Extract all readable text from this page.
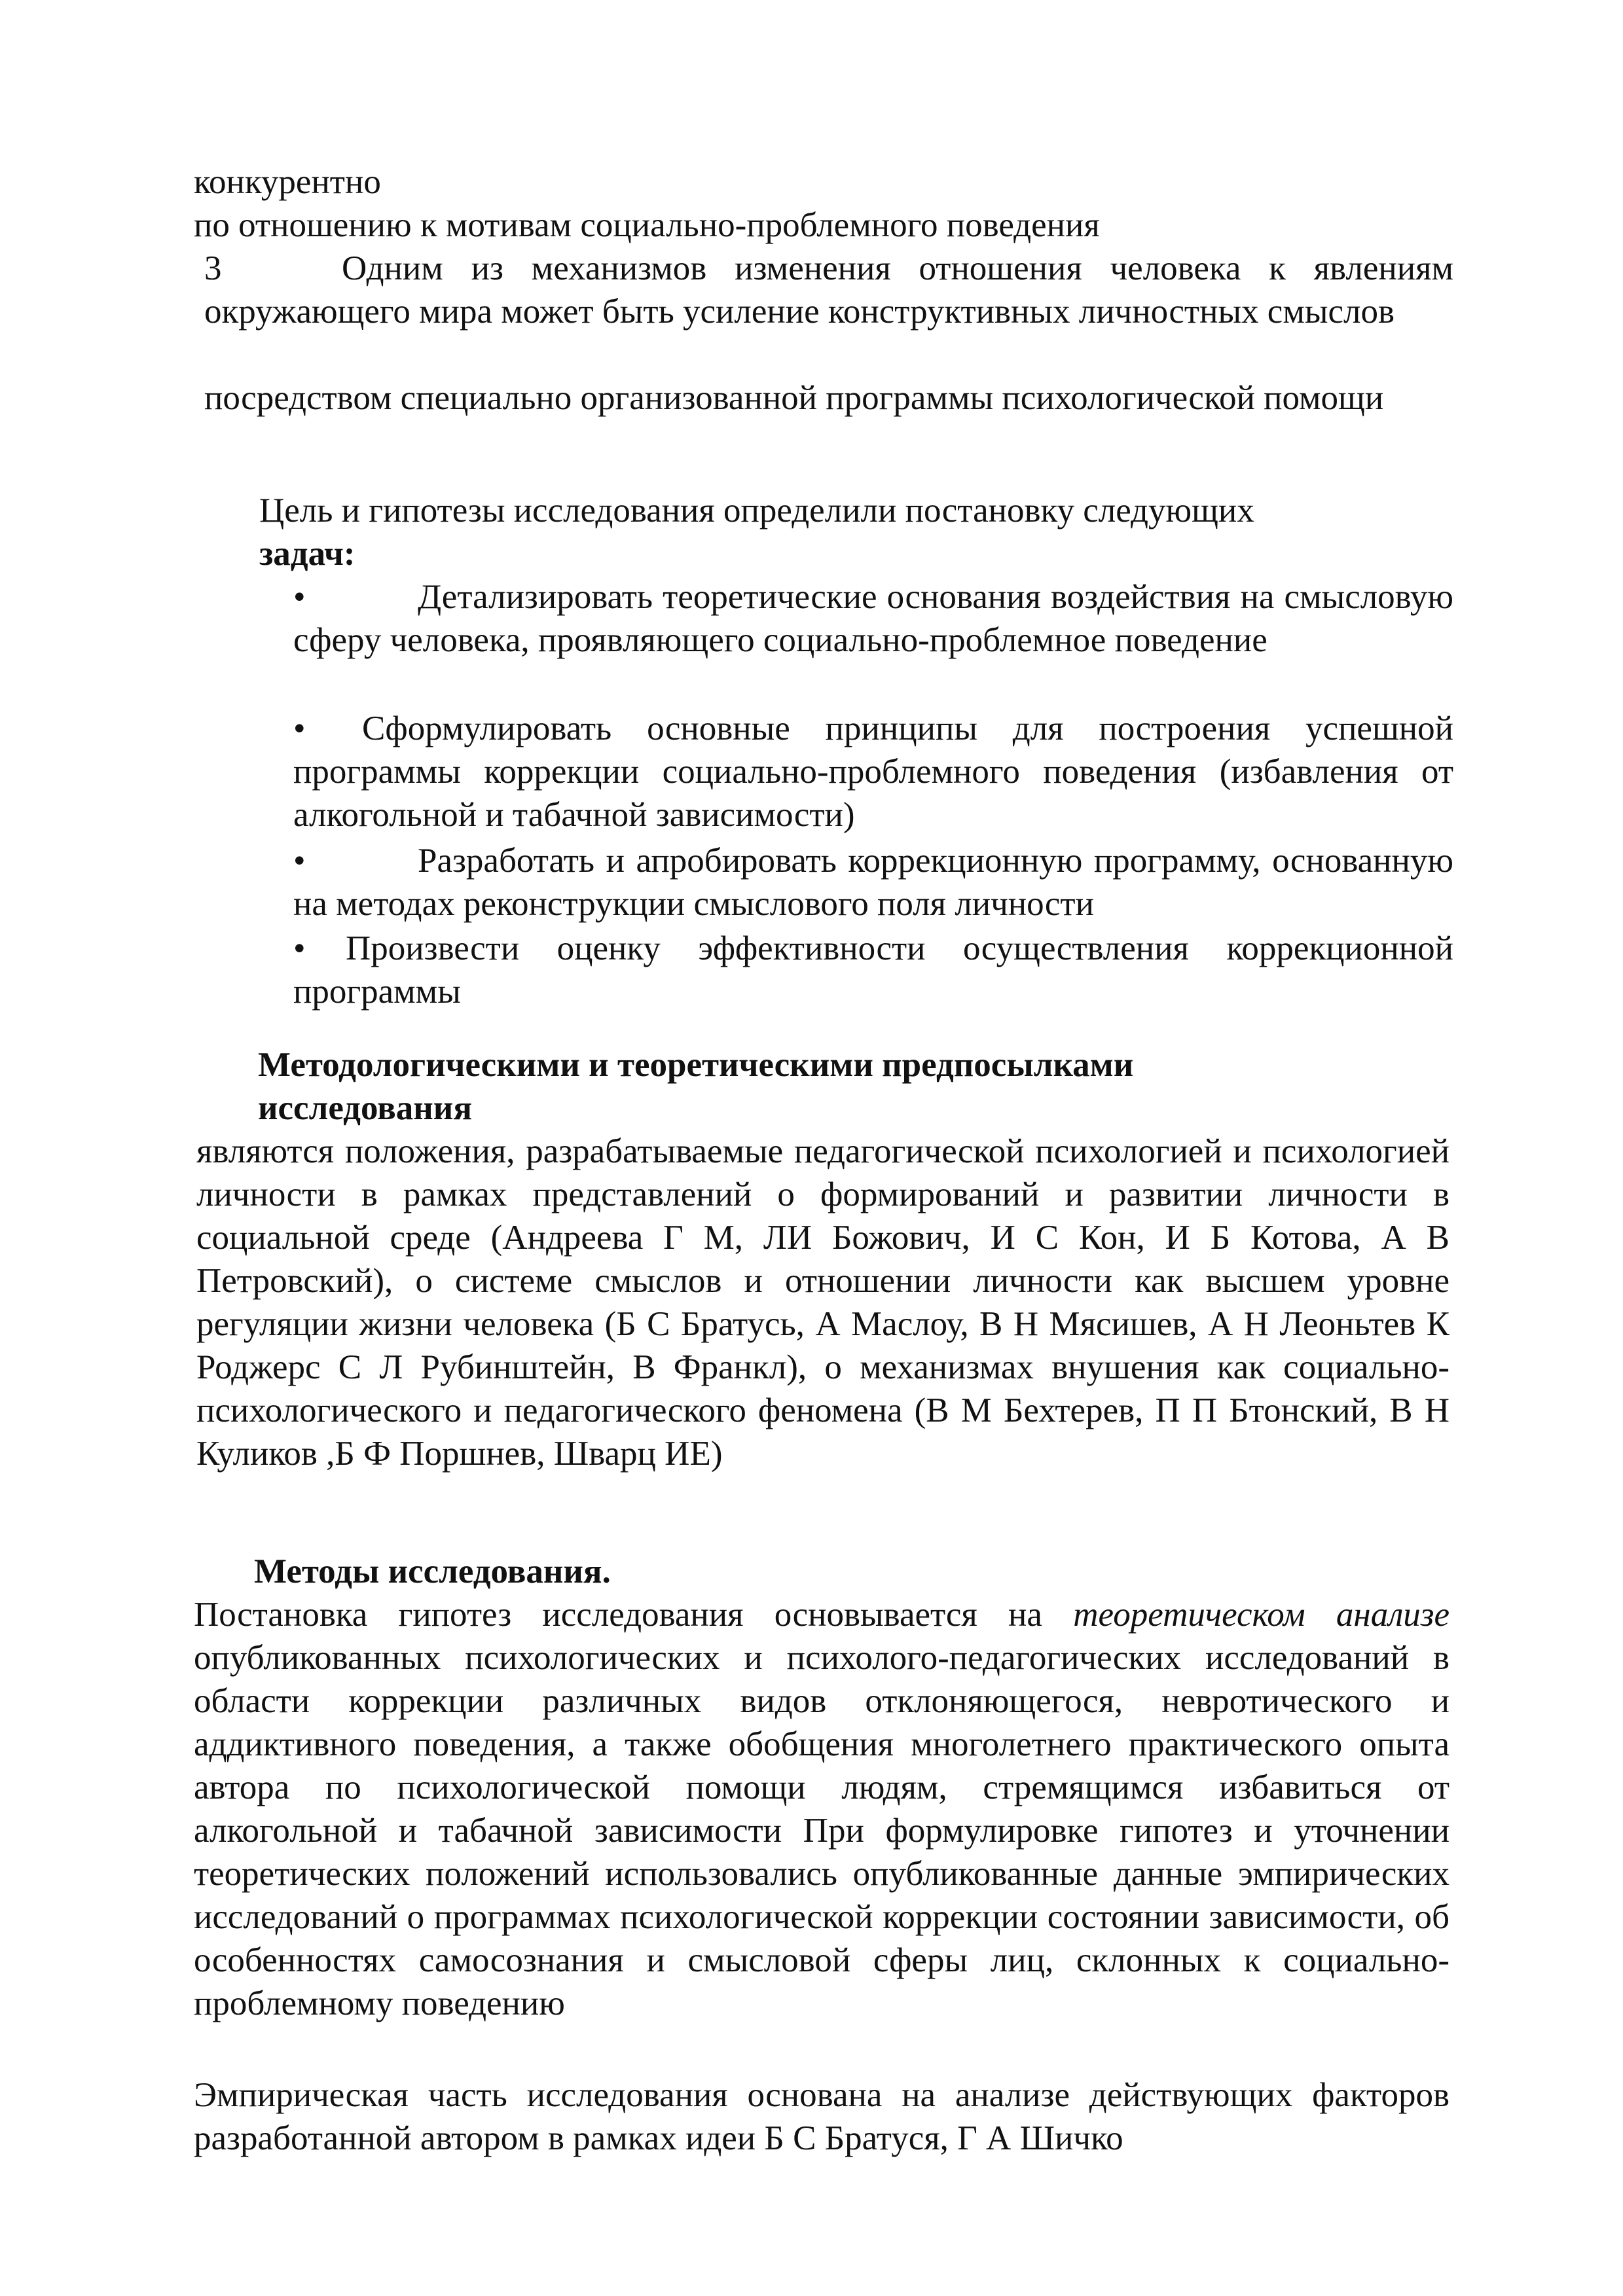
конкурентно

по отношению к мотивам социально-проблемного поведения

3	Одним из механизмов изменения отношения человека к явлениям окружающего мира может быть усиление конструктивных личностных смыслов

посредством специально организованной программы психологической помощи

Цель и гипотезы исследования определили постановку следующих

задач:

•	Детализировать теоретические основания воздействия на смысловую сферу человека, проявляющего социально-проблемное поведение
• Сформулировать основные принципы для построения успешной программы коррекции социально-проблемного поведения (избавления от алкогольной и табачной зависимости)
•	Разработать и апробировать коррекционную программу, основанную на методах реконструкции смыслового поля личности
• Произвести оценку эффективности осуществления коррекционной программы

Методологическими и теоретическими предпосылками

исследования

являются положения, разрабатываемые педагогической психологией и психологией личности в рамках представлений о формирований и развитии личности в социальной среде (Андреева Г М, ЛИ Божович, И С Кон, И Б Котова, А В Петровский), о системе смыслов и отношении личности как высшем уровне регуляции жизни человека (Б С Братусь, А Маслоу, В Н Мясишев, А Н Леоньтев К Роджерс С Л Рубинштейн, В Франкл), о механизмах внушения как социально-психологического и педагогического феномена (В М Бехтерев, П П Бтонский, В Н Куликов ,Б Ф Поршнев, Шварц ИЕ)

Методы исследования.

Постановка гипотез исследования основывается на теоретическом анализе опубликованных психологических и психолого-педагогических исследований в области коррекции различных видов отклоняющегося, невротического и аддиктивного поведения, а также обобщения многолетнего практического опыта автора по психологической помощи людям, стремящимся избавиться от алкогольной и табачной зависимости При формулировке гипотез и уточнении теоретических положений использовались опубликованные данные эмпирических исследований о программах психологической коррекции состоянии зависимости, об особенностях самосознания и смысловой сферы лиц, склонных к социально-проблемному поведению

Эмпирическая часть исследования основана на анализе действующих факторов разработанной автором в рамках идеи Б С Братуся, Г А Шичко
